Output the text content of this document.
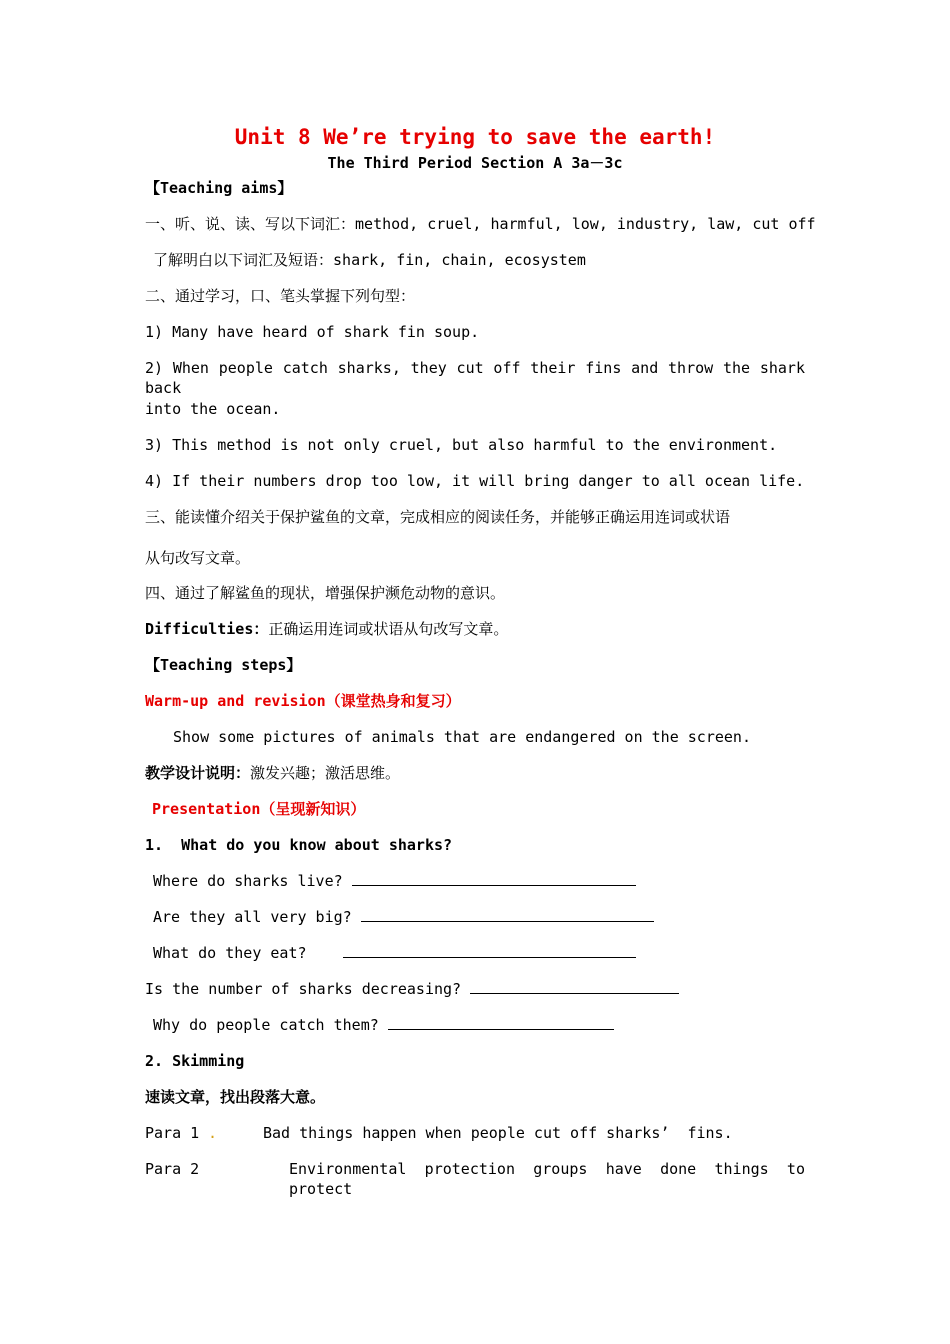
Unit 8 We’re trying to save the earth!
The Third Period Section A 3a－3c
【Teaching aims】
一、听、说、读、写以下词汇：method, cruel, harmful, low, industry, law, cut off
了解明白以下词汇及短语：shark, fin, chain, ecosystem
二、通过学习，口、笔头掌握下列句型：
1) Many have heard of shark fin soup.
2) When people catch sharks, they cut off their fins and throw the shark back
into the ocean.
3) This method is not only cruel, but also harmful to the environment.
4) If their numbers drop too low, it will bring danger to all ocean life.
三、能读懂介绍关于保护鲨鱼的文章，完成相应的阅读任务，并能够正确运用连词或状语
从句改写文章。
四、通过了解鲨鱼的现状，增强保护濒危动物的意识。
Difficulties：正确运用连词或状语从句改写文章。
【Teaching steps】
Warm-up and revision（课堂热身和复习）
Show some pictures of animals that are endangered on the screen.
教学设计说明：激发兴趣；激活思维。
Presentation（呈现新知识）
1.  What do you know about sharks?
Where do sharks live?
Are they all very big?
What do they eat?
Is the number of sharks decreasing?
Why do people catch them?
2. Skimming
速读文章，找出段落大意。
Para 1 .	Bad things happen when people cut off sharks’  fins.
Para 2	Environmental protection groups have done things to protect
